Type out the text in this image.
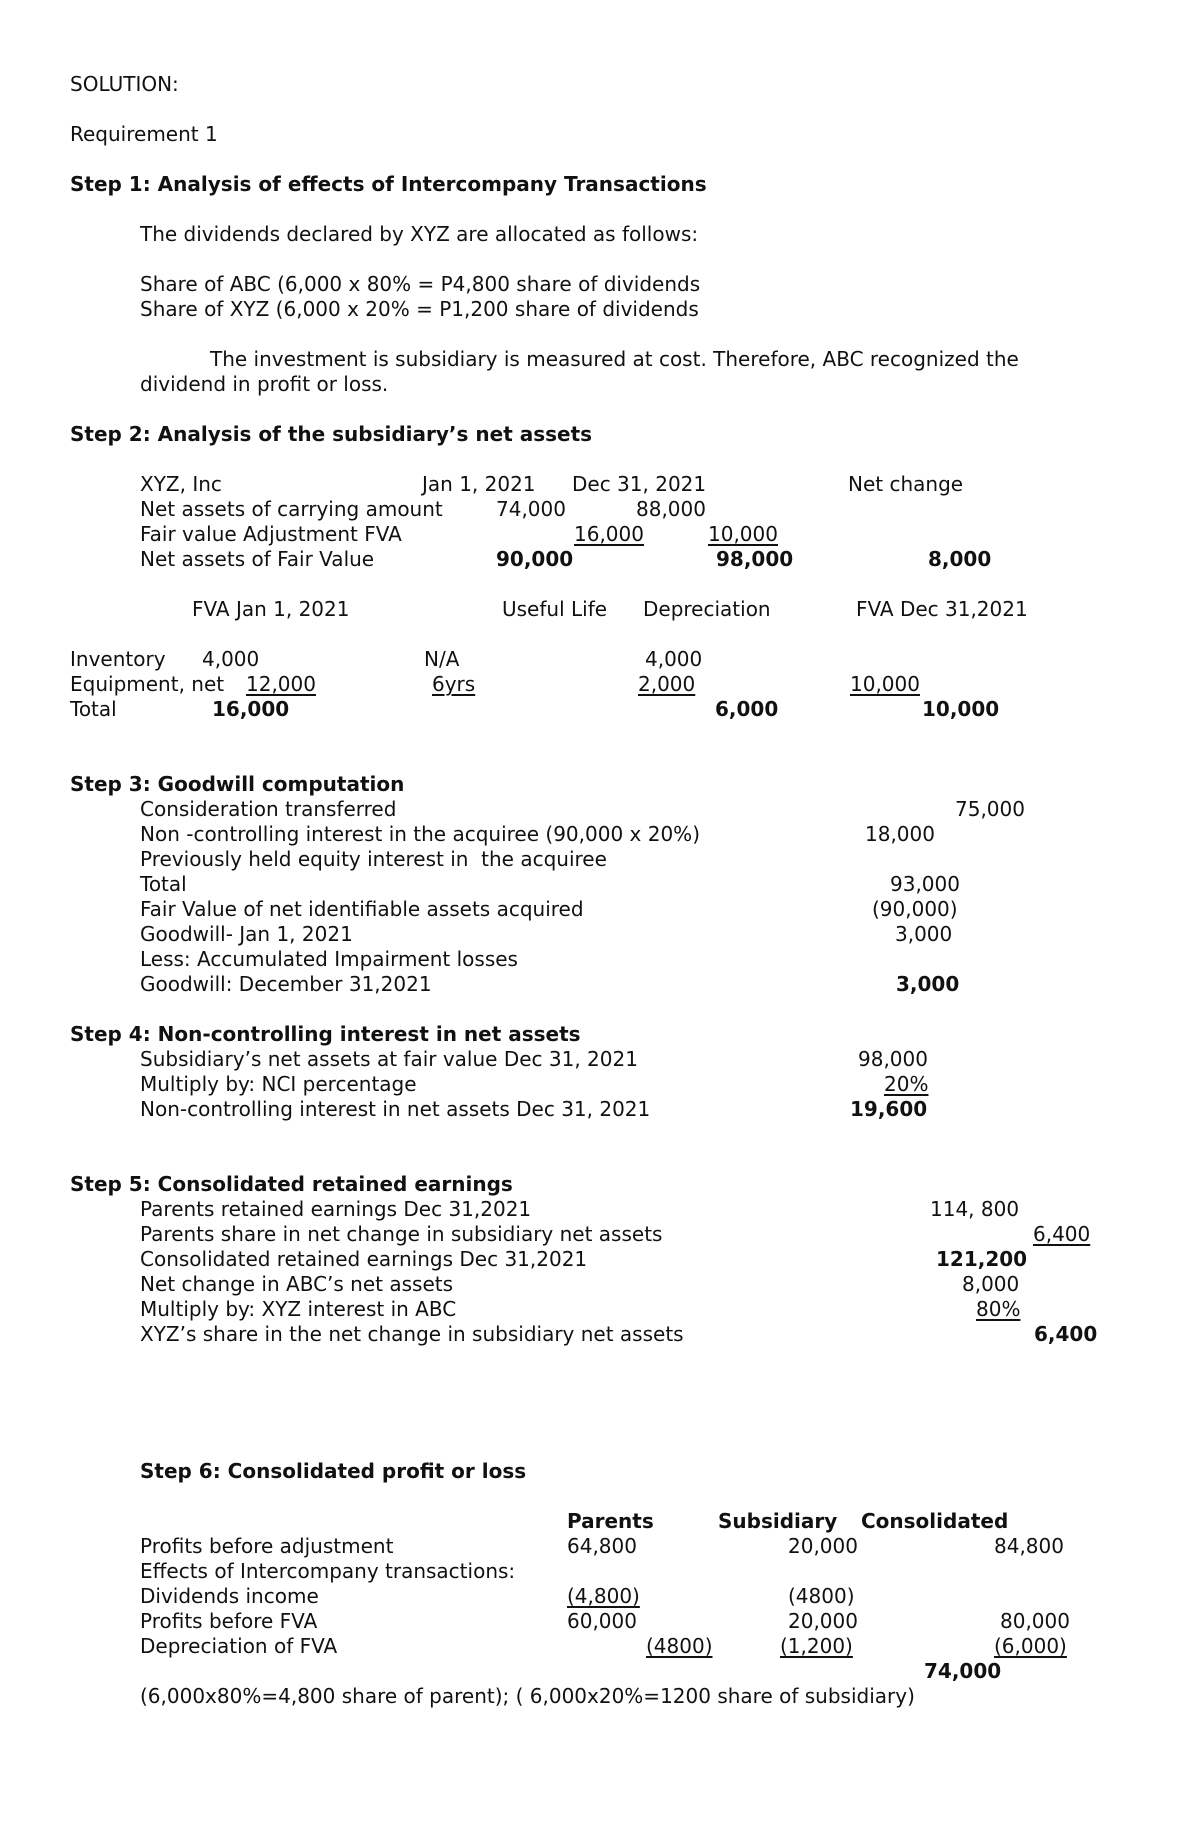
SOLUTION:
Requirement 1
Step 1: Analysis of effects of Intercompany Transactions
The dividends declared by XYZ are allocated as follows:
Share of ABC (6,000 x 80% = P4,800 share of dividends
Share of XYZ (6,000 x 20% = P1,200 share of dividends
The investment is subsidiary is measured at cost. Therefore, ABC recognized the
dividend in profit or loss.
Step 2: Analysis of the subsidiary’s net assets
XYZ, Inc	Jan 1, 2021 Dec 31, 2021	Net change
Net assets of carrying amount	74,000	88,000
Fair value Adjustment FVA	16,000	10,000
Net assets of Fair Value	90,000	98,000	8,000
FVA Jan 1, 2021	Useful Life Depreciation	FVA Dec 31,2021
Inventory 4,000	N/A	4,000
Equipment, net 12,000	6yrs	2,000	10,000
Total	16,000	6,000	10,000
Step 3: Goodwill computation
Consideration transferred	75,000
Non -controlling interest in the acquiree (90,000 x 20%)	18,000
Previously held equity interest in  the acquiree
Total	93,000
Fair Value of net identifiable assets acquired	(90,000)
Goodwill- Jan 1, 2021	3,000
Less: Accumulated Impairment losses
Goodwill: December 31,2021	3,000
Step 4: Non-controlling interest in net assets
Subsidiary’s net assets at fair value Dec 31, 2021	98,000
Multiply by: NCI percentage	20%
Non-controlling interest in net assets Dec 31, 2021	19,600
Step 5: Consolidated retained earnings
Parents retained earnings Dec 31,2021	114, 800
Parents share in net change in subsidiary net assets	6,400
Consolidated retained earnings Dec 31,2021	121,200
Net change in ABC’s net assets	8,000
Multiply by: XYZ interest in ABC	80%
XYZ’s share in the net change in subsidiary net assets	6,400
Step 6: Consolidated profit or loss
Parents	Subsidiary Consolidated
Profits before adjustment	64,800	20,000	84,800
Effects of Intercompany transactions:
Dividends income	(4,800)	(4800)
Profits before FVA	60,000	20,000	80,000
Depreciation of FVA	(4800)	(1,200)	(6,000)
74,000
(6,000x80%=4,800 share of parent); ( 6,000x20%=1200 share of subsidiary)
